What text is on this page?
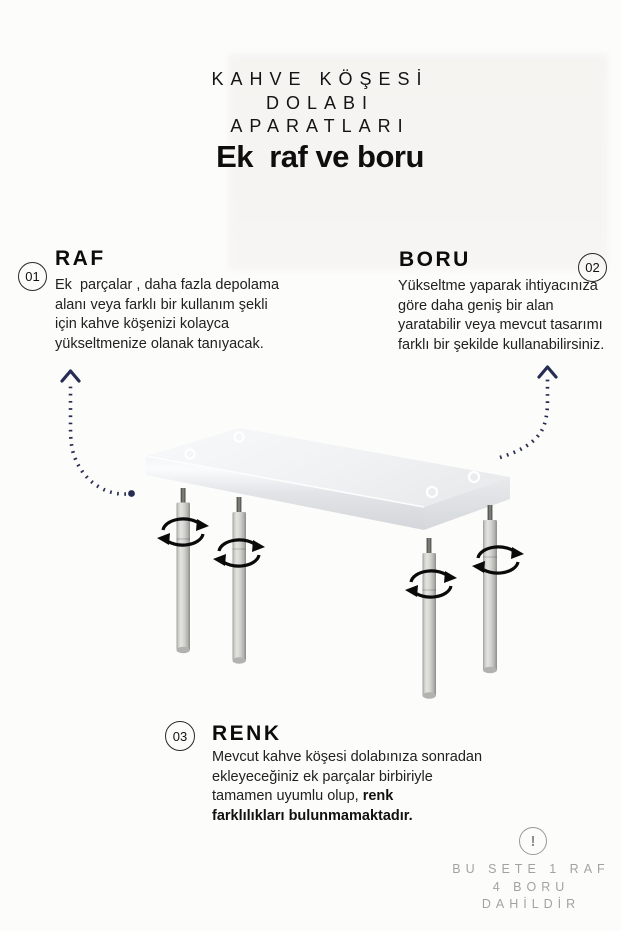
KAHVE KÖŞESİ
DOLABI
APARATLARI
Ek  raf ve boru
01
RAF
Ek  parçalar , daha fazla depolama
alanı veya farklı bir kullanım şekli
için kahve köşenizi kolayca
yükseltmenize olanak tanıyacak.
02
BORU
Yükseltme yaparak ihtiyacınıza
göre daha geniş bir alan
yaratabilir veya mevcut tasarımı
farklı bir şekilde kullanabilirsiniz.
03	RENK
Mevcut kahve köşesi dolabınıza sonradan
ekleyeceğiniz ek parçalar birbiriyle
tamamen uyumlu olup, renk
farklılıkları bulunmamaktadır.
!
BU SETE 1 RAF
4 BORU
DAHİLDİR
